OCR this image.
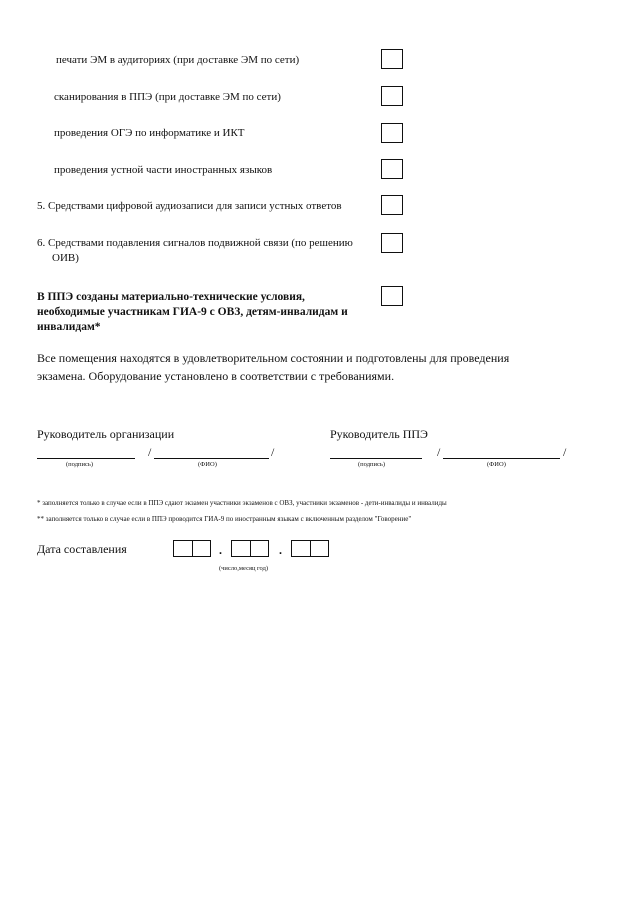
печати ЭМ в аудиториях (при доставке ЭМ по сети)
сканирования в ППЭ (при доставке ЭМ по сети)
проведения ОГЭ по информатике и ИКТ
проведения устной части иностранных языков
5. Средствами цифровой аудиозаписи для записи устных ответов
6. Средствами подавления сигналов подвижной связи (по решению
ОИВ)
В ППЭ созданы материально-технические условия, необходимые участникам ГИА-9 с ОВЗ, детям-инвалидам и инвалидам*
Все помещения находятся в удовлетворительном состоянии и подготовлены для проведения экзамена. Оборудование установлено в соответствии с требованиями.
Руководитель организации	Руководитель ППЭ
/	/	/	/
(подпись)	(ФИО)	(подпись)	(ФИО)
* заполняется только в случае если в ППЭ сдают экзамен участники экзаменов с ОВЗ, участники экзаменов - дети-инвалиды и инвалиды
** заполняется только в случае если в ППЭ проводится ГИА-9 по иностранным языкам с включенным разделом "Говорение"
Дата составления	.	.
(число,месяц год)
